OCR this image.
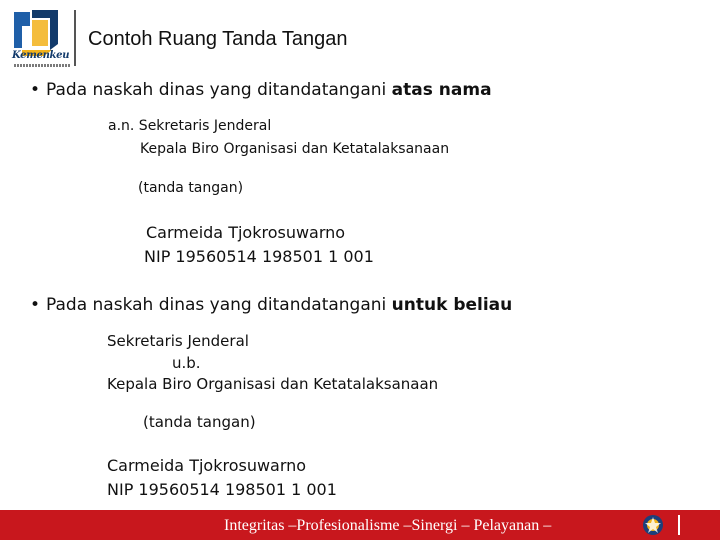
Kemenkeu
Contoh Ruang Tanda Tangan
• Pada naskah dinas yang ditandatangani atas nama
a.n. Sekretaris Jenderal
Kepala Biro Organisasi dan Ketatalaksanaan
(tanda tangan)
Carmeida Tjokrosuwarno
NIP 19560514 198501 1 001
• Pada naskah dinas yang ditandatangani untuk beliau
Sekretaris Jenderal
u.b.
Kepala Biro Organisasi dan Ketatalaksanaan
(tanda tangan)
Carmeida Tjokrosuwarno
NIP 19560514 198501 1 001
Integritas –Profesionalisme –Sinergi – Pelayanan –
